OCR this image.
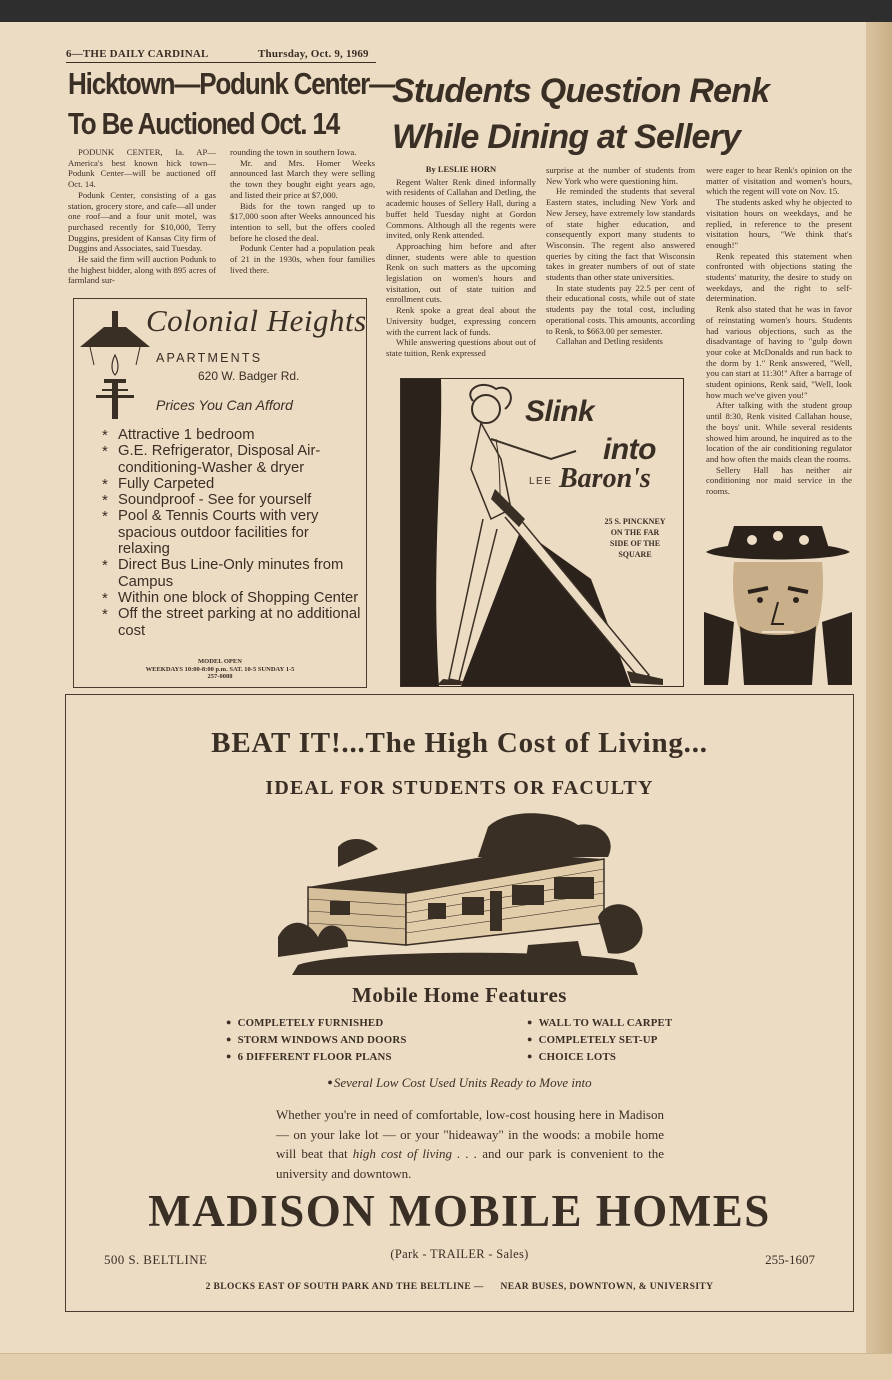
6—THE DAILY CARDINAL	Thursday, Oct. 9, 1969
Hicktown—Podunk Center—
To Be Auctioned Oct. 14

PODUNK CENTER, Ia. AP—America's best known hick town—Podunk Center—will be auctioned off Oct. 14.

Podunk Center, consisting of a gas station, grocery store, and cafe—all under one roof—and a four unit motel, was purchased recently for $10,000, Terry Duggins, president of Kansas City firm of Duggins and Associates, said Tuesday.

He said the firm will auction Podunk to the highest bidder, along with 895 acres of farmland sur-

rounding the town in southern Iowa.

Mr. and Mrs. Homer Weeks announced last March they were selling the town they bought eight years ago, and listed their price at $7,000.

Bids for the town ranged up to $17,000 soon after Weeks announced his intention to sell, but the offers cooled before he closed the deal.

Podunk Center had a population peak of 21 in the 1930s, when four families lived there.

Students Question Renk
While Dining at Sellery

By LESLIE HORN

Regent Walter Renk dined informally with residents of Callahan and Detling, the academic houses of Sellery Hall, during a buffet held Tuesday night at Gordon Commons. Although all the regents were invited, only Renk attended.

Approaching him before and after dinner, students were able to question Renk on such matters as the upcoming legislation on women's hours and visitation, out of state tuition and enrollment cuts.

Renk spoke a great deal about the University budget, expressing concern with the current lack of funds.

While answering questions about out of state tuition, Renk expressed

surprise at the number of students from New York who were questioning him.

He reminded the students that several Eastern states, including New York and New Jersey, have extremely low standards of state higher education, and consequently export many students to Wisconsin. The regent also answered queries by citing the fact that Wisconsin takes in greater numbers of out of state students than other state universities.

In state students pay 22.5 per cent of their educational costs, while out of state students pay the total cost, including operational costs. This amounts, according to Renk, to $663.00 per semester.

Callahan and Detling residents

were eager to hear Renk's opinion on the matter of visitation and women's hours, which the regent will vote on Nov. 15.

The students asked why he objected to visitation hours on weekdays, and he replied, in reference to the present visitation hours, "We think that's enough!"

Renk repeated this statement when confronted with objections stating the students' maturity, the desire to study on weekdays, and the right to self-determination.

Renk also stated that he was in favor of reinstating women's hours. Students had various objections, such as the disadvantage of having to "gulp down your coke at McDonalds and run back to the dorm by 1." Renk answered, "Well, you can start at 11:30!" After a barrage of student opinions, Renk said, "Well, look how much we've given you!"

After talking with the student group until 8:30, Renk visited Callahan house, the boys' unit. While several residents showed him around, he inquired as to the location of the air conditioning regulator and how often the maids clean the rooms.

Sellery Hall has neither air conditioning nor maid service in the rooms.

Colonial Heights
APARTMENTS
620 W. Badger Rd.
Prices You Can Afford
* Attractive 1 bedroom
* G.E. Refrigerator, Disposal Air-conditioning-Washer & dryer
* Fully Carpeted
* Soundproof - See for yourself
* Pool & Tennis Courts with very spacious outdoor facilities for relaxing
* Direct Bus Line-Only minutes from Campus
* Within one block of Shopping Center
* Off the street parking at no additional cost
MODEL OPEN
WEEKDAYS 10:00-8:00 p.m. SAT. 10-5 SUNDAY 1-5
257-0088
Slink
into
LEE Baron's
25 S. PINCKNEY
ON THE FAR
SIDE OF THE
SQUARE
BEAT IT!...The High Cost of Living...
IDEAL FOR STUDENTS OR FACULTY
Mobile Home Features
● COMPLETELY FURNISHED
● STORM WINDOWS AND DOORS
● 6 DIFFERENT FLOOR PLANS
● WALL TO WALL CARPET
● COMPLETELY SET-UP
● CHOICE LOTS
● Several Low Cost Used Units Ready to Move into
Whether you're in need of comfortable, low-cost housing here in Madison — on your lake lot — or your "hideaway" in the woods: a mobile home will beat that high cost of living . . . and our park is convenient to the university and downtown.
MADISON MOBILE HOMES
500 S. BELTLINE	(Park - TRAILER - Sales)	255-1607
2 BLOCKS EAST OF SOUTH PARK AND THE BELTLINE — NEAR BUSES, DOWNTOWN, & UNIVERSITY
